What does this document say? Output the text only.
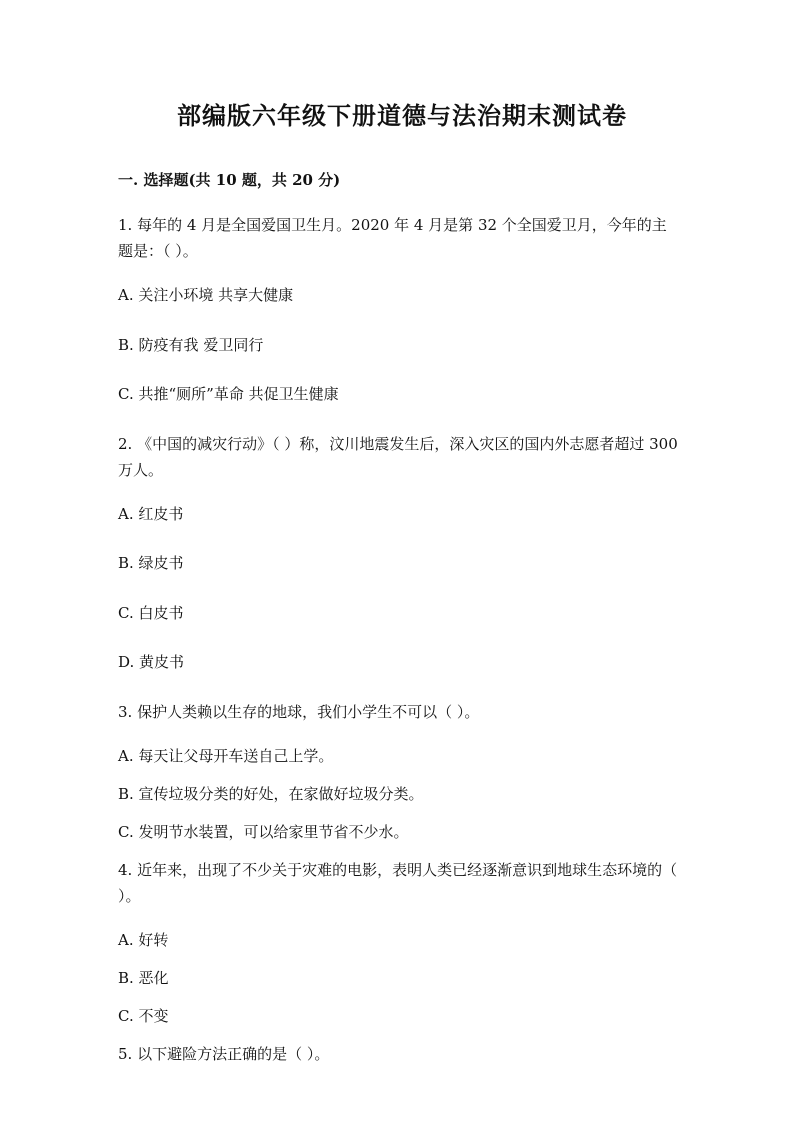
部编版六年级下册道德与法治期末测试卷
一. 选择题(共 10 题，共 20 分)
1. 每年的 4 月是全国爱国卫生月。2020 年 4 月是第 32 个全国爱卫月，今年的主题是：（ ）。
A. 关注小环境 共享大健康
B. 防疫有我 爱卫同行
C. 共推“厕所”革命 共促卫生健康
2. 《中国的减灾行动》（ ）称，汶川地震发生后，深入灾区的国内外志愿者超过 300 万人。
A. 红皮书
B. 绿皮书
C. 白皮书
D. 黄皮书
3. 保护人类赖以生存的地球，我们小学生不可以（ ）。
A. 每天让父母开车送自己上学。
B. 宣传垃圾分类的好处，在家做好垃圾分类。
C. 发明节水装置，可以给家里节省不少水。
4. 近年来，出现了不少关于灾难的电影，表明人类已经逐渐意识到地球生态环境的（ ）。
A. 好转
B. 恶化
C. 不变
5. 以下避险方法正确的是（ ）。
